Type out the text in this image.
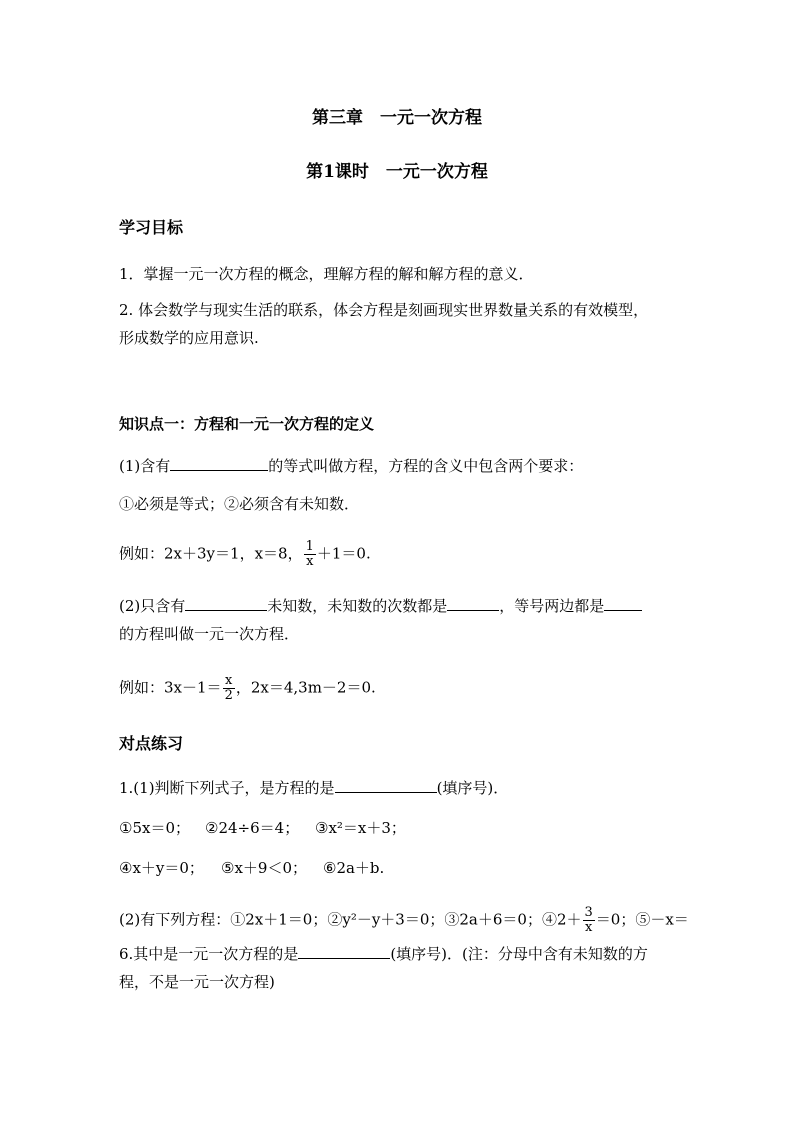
第三章　一元一次方程
第1课时　一元一次方程
学习目标
1．掌握一元一次方程的概念，理解方程的解和解方程的意义．
2. 体会数学与现实生活的联系，体会方程是刻画现实世界数量关系的有效模型，
形成数学的应用意识.
知识点一：方程和一元一次方程的定义
(1)含有	的等式叫做方程，方程的含义中包含两个要求：
①必须是等式；②必须含有未知数．
例如：2x＋3y＝1，x＝8， $\frac{1}{x} +1=0$.
(2)只含有	未知数，未知数的次数都是	，等号两边都是
的方程叫做一元一次方程．
例如：$3x-1= \frac{x}{2}$ ，2x＝4,3m－2＝0.
对点练习
1.(1)判断下列式子，是方程的是	(填序号)．
①5x＝0； ②24÷6＝4； ③x²＝x＋3；
④x＋y＝0； ⑤x＋9＜0； ⑥2a＋b.
(2)有下列方程：①2x＋1＝0；②y²－y＋3＝0；③2a＋6＝0；④2＋ $\frac{3}{x} =0$；⑤－x＝
6.其中是一元一次方程的是	(填序号)．(注：分母中含有未知数的方
程，不是一元一次方程)
